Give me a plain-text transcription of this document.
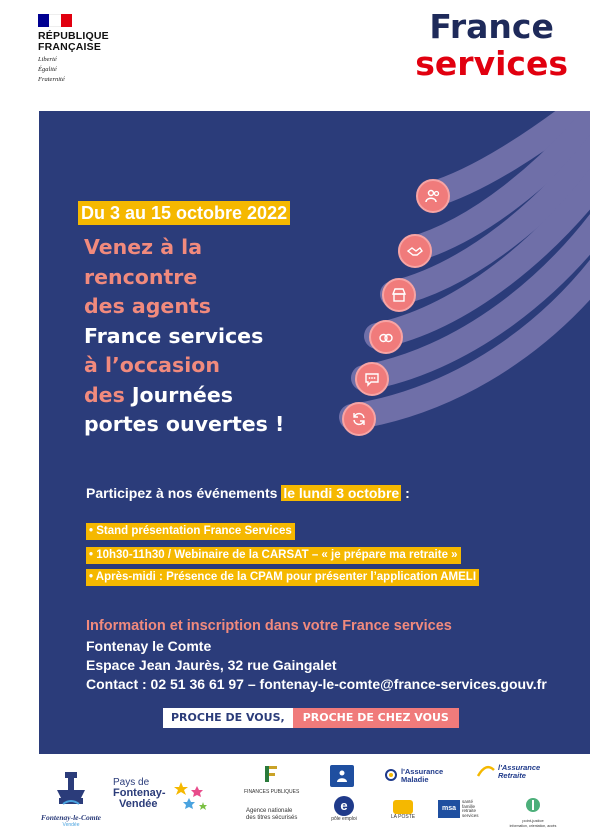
RÉPUBLIQUE
FRANÇAISE
Liberté
Égalité
Fraternité
France
services
Du 3 au 15 octobre 2022
Venez à la
rencontre
des agents
France services
à l’occasion
des Journées
portes ouvertes !
Participez à nos événements le lundi 3 octobre :
• Stand présentation France Services
• 10h30-11h30 / Webinaire de la CARSAT – « je prépare ma retraite »
• Après-midi : Présence de la CPAM pour présenter l’application AMELI
Information et inscription dans votre France services
Fontenay le Comte
Espace Jean Jaurès, 32 rue Gaingalet
Contact : 02 51 36 61 97 – fontenay-le-comte@france-services.gouv.fr
PROCHE DE VOUS,	PROCHE DE CHEZ VOUS
Fontenay-le-Comte
Vendée
Pays de
Fontenay-
Vendée
FINANCES PUBLIQUES
Agence nationale
des titres sécurisés
e
pôle emploi
l'Assurance
Maladie
LA POSTE
msa
santé
famille
retraite
services
l'Assurance
Retraite
point-justice
information, orientation, accès
